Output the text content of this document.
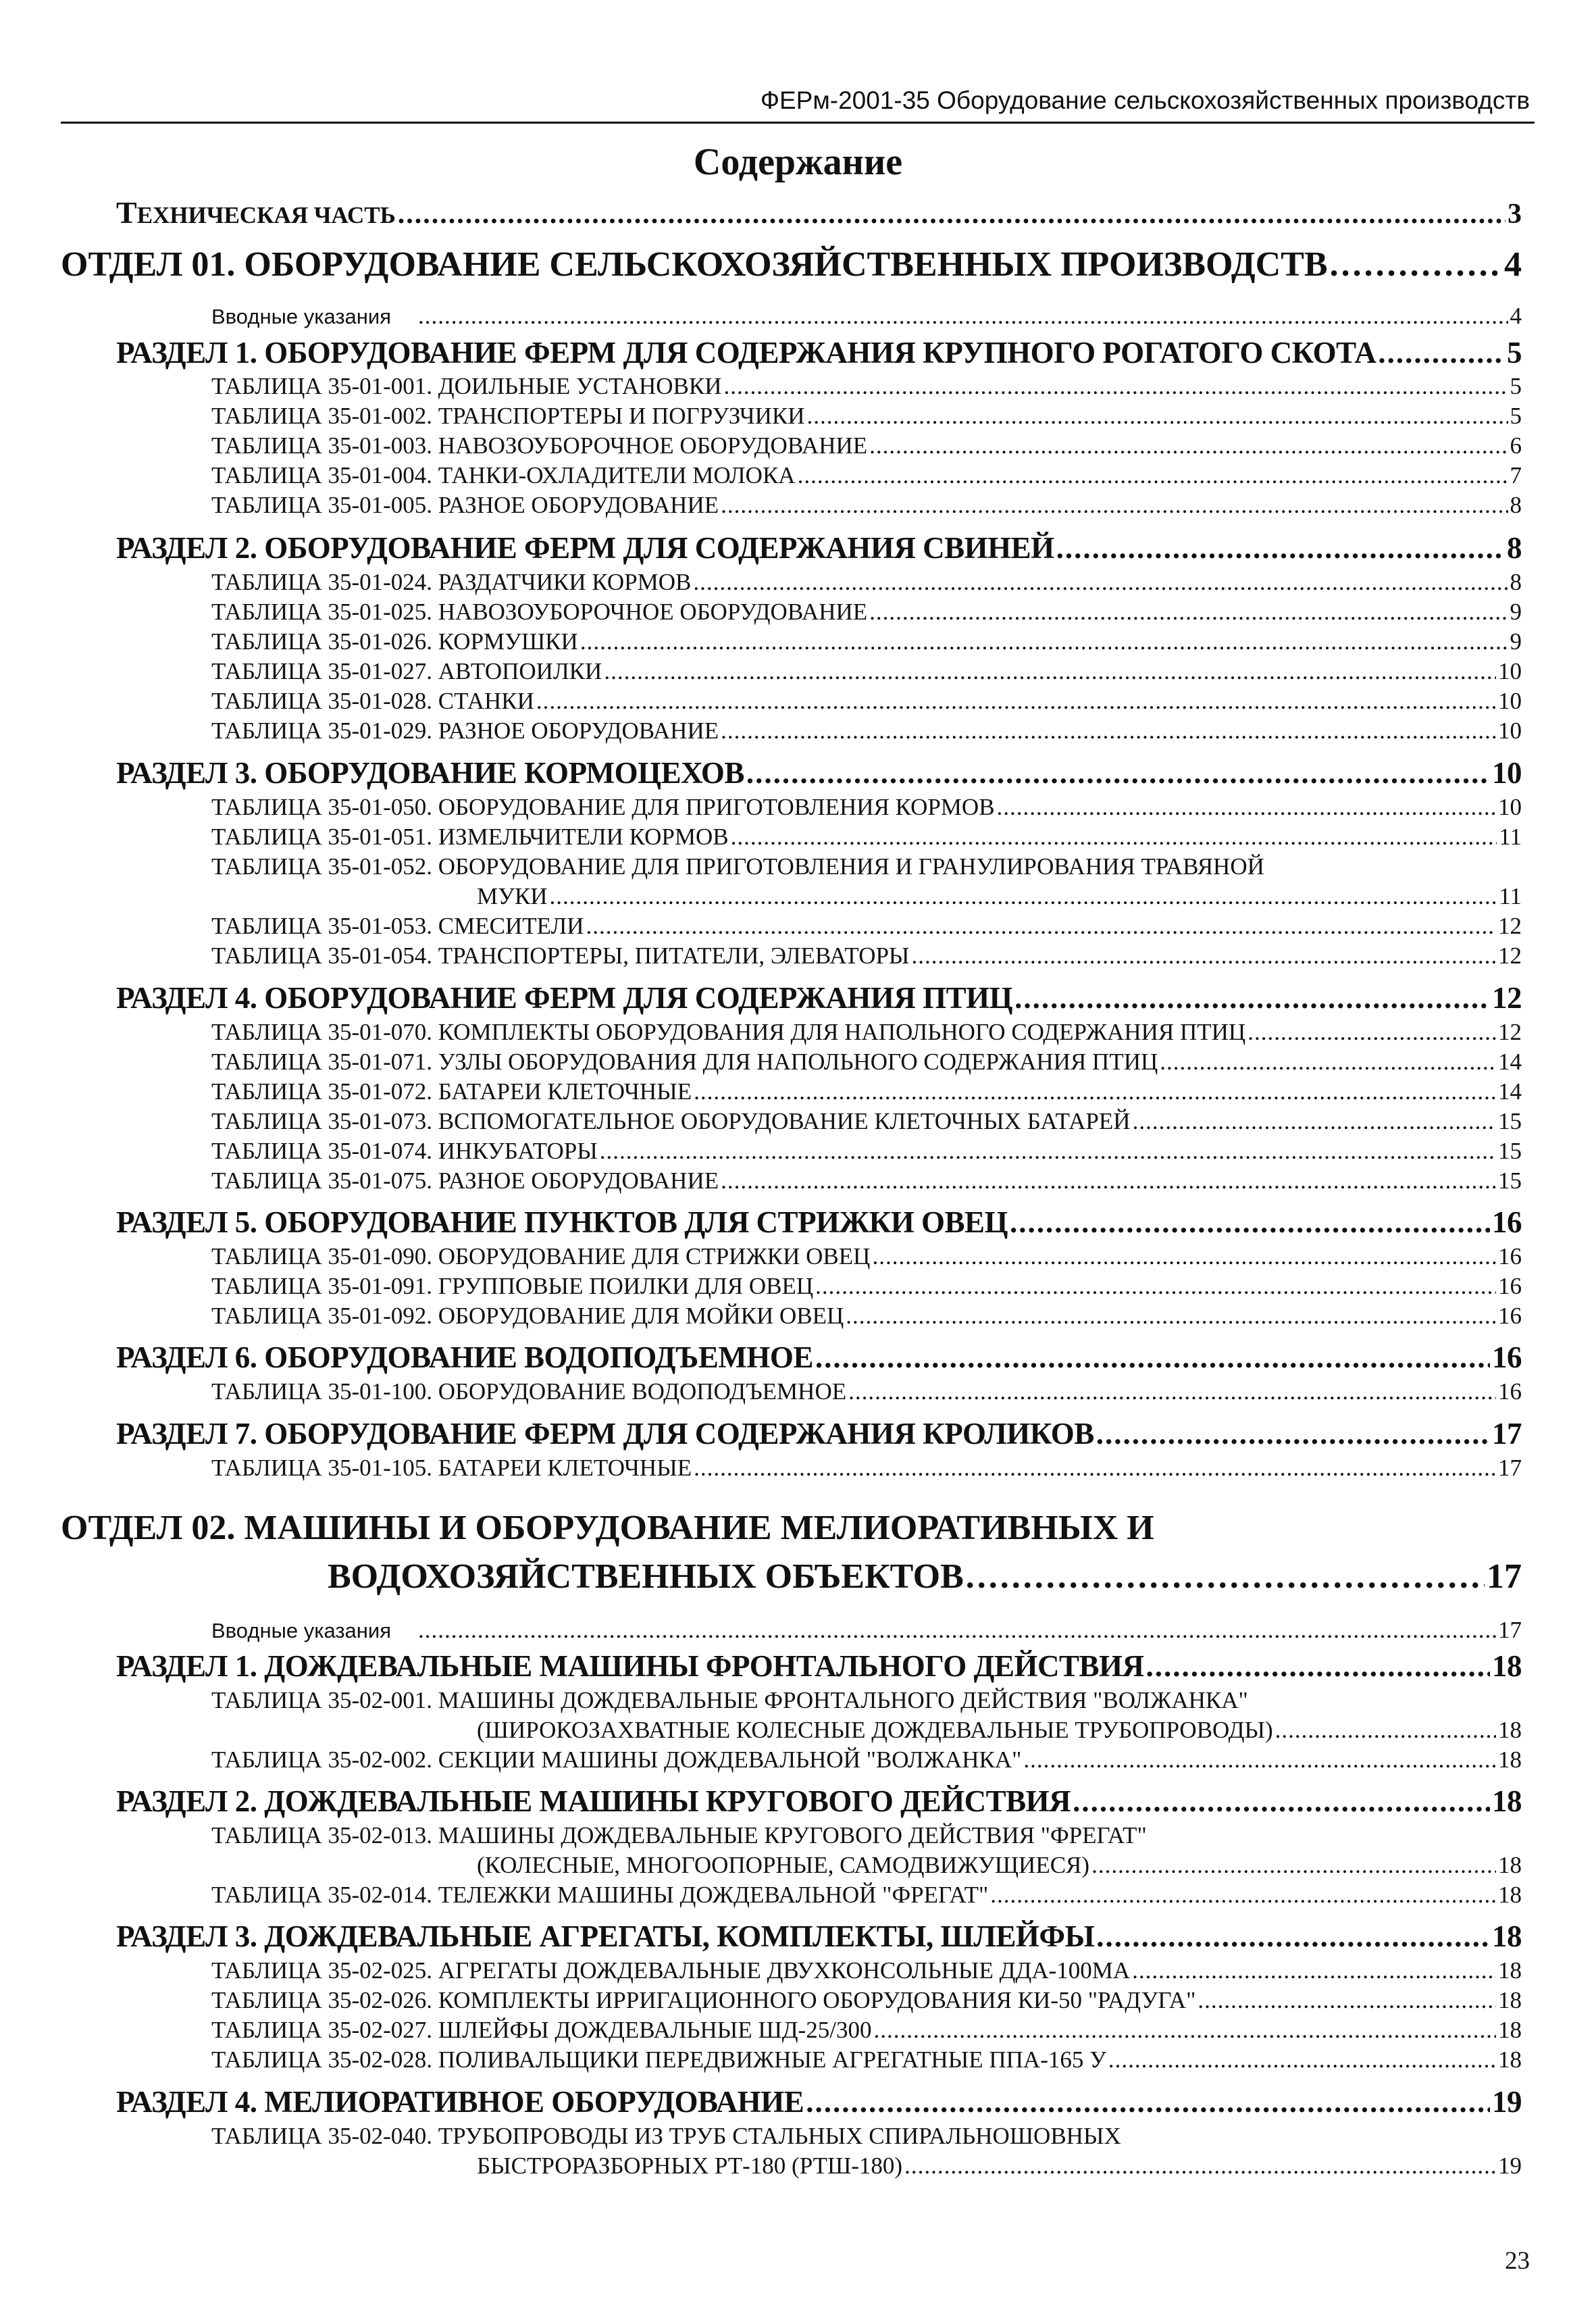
ФЕРм-2001-35 Оборудование сельскохозяйственных производств
Содержание
ТЕХНИЧЕСКАЯ ЧАСТЬ .....	3
ОТДЕЛ 01. ОБОРУДОВАНИЕ СЕЛЬСКОХОЗЯЙСТВЕННЫХ ПРОИЗВОДСТВ .....	4
Вводные указания .....	4
РАЗДЕЛ 1. ОБОРУДОВАНИЕ ФЕРМ ДЛЯ СОДЕРЖАНИЯ КРУПНОГО РОГАТОГО СКОТА .....	5
ТАБЛИЦА 35-01-001. ДОИЛЬНЫЕ УСТАНОВКИ .....	5
ТАБЛИЦА 35-01-002. ТРАНСПОРТЕРЫ И ПОГРУЗЧИКИ .....	5
ТАБЛИЦА 35-01-003. НАВОЗОУБОРОЧНОЕ ОБОРУДОВАНИЕ .....	6
ТАБЛИЦА 35-01-004. ТАНКИ-ОХЛАДИТЕЛИ МОЛОКА .....	7
ТАБЛИЦА 35-01-005. РАЗНОЕ ОБОРУДОВАНИЕ .....	8
РАЗДЕЛ 2. ОБОРУДОВАНИЕ ФЕРМ ДЛЯ СОДЕРЖАНИЯ СВИНЕЙ .....	8
ТАБЛИЦА 35-01-024. РАЗДАТЧИКИ КОРМОВ .....	8
ТАБЛИЦА 35-01-025. НАВОЗОУБОРОЧНОЕ ОБОРУДОВАНИЕ .....	9
ТАБЛИЦА 35-01-026. КОРМУШКИ .....	9
ТАБЛИЦА 35-01-027. АВТОПОИЛКИ .....	10
ТАБЛИЦА 35-01-028. СТАНКИ .....	10
ТАБЛИЦА 35-01-029. РАЗНОЕ ОБОРУДОВАНИЕ .....	10
РАЗДЕЛ 3. ОБОРУДОВАНИЕ КОРМОЦЕХОВ .....	10
ТАБЛИЦА 35-01-050. ОБОРУДОВАНИЕ ДЛЯ ПРИГОТОВЛЕНИЯ КОРМОВ .....	10
ТАБЛИЦА 35-01-051. ИЗМЕЛЬЧИТЕЛИ КОРМОВ .....	11
ТАБЛИЦА 35-01-052. ОБОРУДОВАНИЕ ДЛЯ ПРИГОТОВЛЕНИЯ И ГРАНУЛИРОВАНИЯ ТРАВЯНОЙ
МУКИ .....	11
ТАБЛИЦА 35-01-053. СМЕСИТЕЛИ .....	12
ТАБЛИЦА 35-01-054. ТРАНСПОРТЕРЫ, ПИТАТЕЛИ, ЭЛЕВАТОРЫ .....	12
РАЗДЕЛ 4. ОБОРУДОВАНИЕ ФЕРМ ДЛЯ СОДЕРЖАНИЯ ПТИЦ .....	12
ТАБЛИЦА 35-01-070. КОМПЛЕКТЫ ОБОРУДОВАНИЯ ДЛЯ НАПОЛЬНОГО СОДЕРЖАНИЯ ПТИЦ .....	12
ТАБЛИЦА 35-01-071. УЗЛЫ ОБОРУДОВАНИЯ ДЛЯ НАПОЛЬНОГО СОДЕРЖАНИЯ ПТИЦ .....	14
ТАБЛИЦА 35-01-072. БАТАРЕИ КЛЕТОЧНЫЕ .....	14
ТАБЛИЦА 35-01-073. ВСПОМОГАТЕЛЬНОЕ ОБОРУДОВАНИЕ КЛЕТОЧНЫХ БАТАРЕЙ .....	15
ТАБЛИЦА 35-01-074. ИНКУБАТОРЫ .....	15
ТАБЛИЦА 35-01-075. РАЗНОЕ ОБОРУДОВАНИЕ .....	15
РАЗДЕЛ 5. ОБОРУДОВАНИЕ ПУНКТОВ ДЛЯ СТРИЖКИ ОВЕЦ .....	16
ТАБЛИЦА 35-01-090. ОБОРУДОВАНИЕ ДЛЯ СТРИЖКИ ОВЕЦ .....	16
ТАБЛИЦА 35-01-091. ГРУППОВЫЕ ПОИЛКИ ДЛЯ ОВЕЦ .....	16
ТАБЛИЦА 35-01-092. ОБОРУДОВАНИЕ ДЛЯ МОЙКИ ОВЕЦ .....	16
РАЗДЕЛ 6. ОБОРУДОВАНИЕ ВОДОПОДЪЕМНОЕ .....	16
ТАБЛИЦА 35-01-100. ОБОРУДОВАНИЕ ВОДОПОДЪЕМНОЕ .....	16
РАЗДЕЛ 7. ОБОРУДОВАНИЕ ФЕРМ ДЛЯ СОДЕРЖАНИЯ КРОЛИКОВ .....	17
ТАБЛИЦА 35-01-105. БАТАРЕИ КЛЕТОЧНЫЕ .....	17
ОТДЕЛ 02. МАШИНЫ И ОБОРУДОВАНИЕ МЕЛИОРАТИВНЫХ И
ВОДОХОЗЯЙСТВЕННЫХ ОБЪЕКТОВ .....	17
Вводные указания .....	17
РАЗДЕЛ 1. ДОЖДЕВАЛЬНЫЕ МАШИНЫ ФРОНТАЛЬНОГО ДЕЙСТВИЯ .....	18
ТАБЛИЦА 35-02-001. МАШИНЫ ДОЖДЕВАЛЬНЫЕ ФРОНТАЛЬНОГО ДЕЙСТВИЯ "ВОЛЖАНКА"
(ШИРОКОЗАХВАТНЫЕ КОЛЕСНЫЕ ДОЖДЕВАЛЬНЫЕ ТРУБОПРОВОДЫ) .....	18
ТАБЛИЦА 35-02-002. СЕКЦИИ МАШИНЫ ДОЖДЕВАЛЬНОЙ "ВОЛЖАНКА" .....	18
РАЗДЕЛ 2. ДОЖДЕВАЛЬНЫЕ МАШИНЫ КРУГОВОГО ДЕЙСТВИЯ .....	18
ТАБЛИЦА 35-02-013. МАШИНЫ ДОЖДЕВАЛЬНЫЕ КРУГОВОГО ДЕЙСТВИЯ "ФРЕГАТ"
(КОЛЕСНЫЕ, МНОГООПОРНЫЕ, САМОДВИЖУЩИЕСЯ) .....	18
ТАБЛИЦА 35-02-014. ТЕЛЕЖКИ МАШИНЫ ДОЖДЕВАЛЬНОЙ "ФРЕГАТ" .....	18
РАЗДЕЛ 3. ДОЖДЕВАЛЬНЫЕ АГРЕГАТЫ, КОМПЛЕКТЫ, ШЛЕЙФЫ .....	18
ТАБЛИЦА 35-02-025. АГРЕГАТЫ ДОЖДЕВАЛЬНЫЕ ДВУХКОНСОЛЬНЫЕ ДДА-100МА .....	18
ТАБЛИЦА 35-02-026. КОМПЛЕКТЫ ИРРИГАЦИОННОГО ОБОРУДОВАНИЯ КИ-50 "РАДУГА" .....	18
ТАБЛИЦА 35-02-027. ШЛЕЙФЫ ДОЖДЕВАЛЬНЫЕ ШД-25/300 .....	18
ТАБЛИЦА 35-02-028. ПОЛИВАЛЬЩИКИ ПЕРЕДВИЖНЫЕ АГРЕГАТНЫЕ ППА-165 У .....	18
РАЗДЕЛ 4. МЕЛИОРАТИВНОЕ ОБОРУДОВАНИЕ .....	19
ТАБЛИЦА 35-02-040. ТРУБОПРОВОДЫ ИЗ ТРУБ СТАЛЬНЫХ СПИРАЛЬНОШОВНЫХ
БЫСТРОРАЗБОРНЫХ РТ-180 (РТШ-180) .....	19
23
